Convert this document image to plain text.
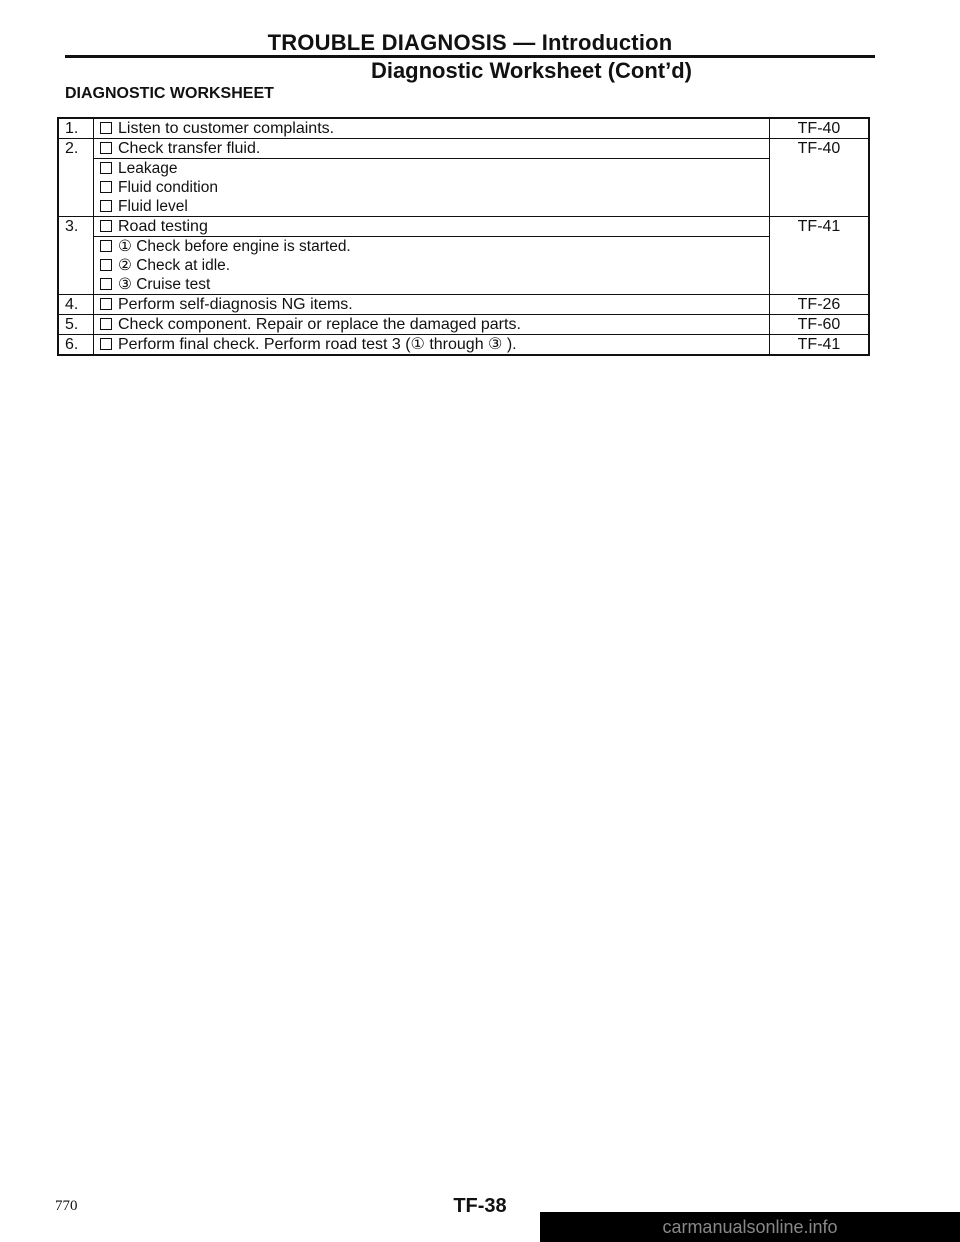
TROUBLE DIAGNOSIS — Introduction
Diagnostic Worksheet (Cont’d)
DIAGNOSTIC WORKSHEET
1.	Listen to customer complaints.	TF-40
2.	Check transfer fluid.	TF-40

	Leakage
Fluid condition
Fluid level	

3.	Road testing	TF-41

	① Check before engine is started.
② Check at idle.
③ Cruise test	

4.	Perform self-diagnosis NG items.	TF-26
5.	Check component. Repair or replace the damaged parts.	TF-60
6.	Perform final check. Perform road test 3 (① through ③ ).	TF-41
770	TF-38
carmanualsonline.info
